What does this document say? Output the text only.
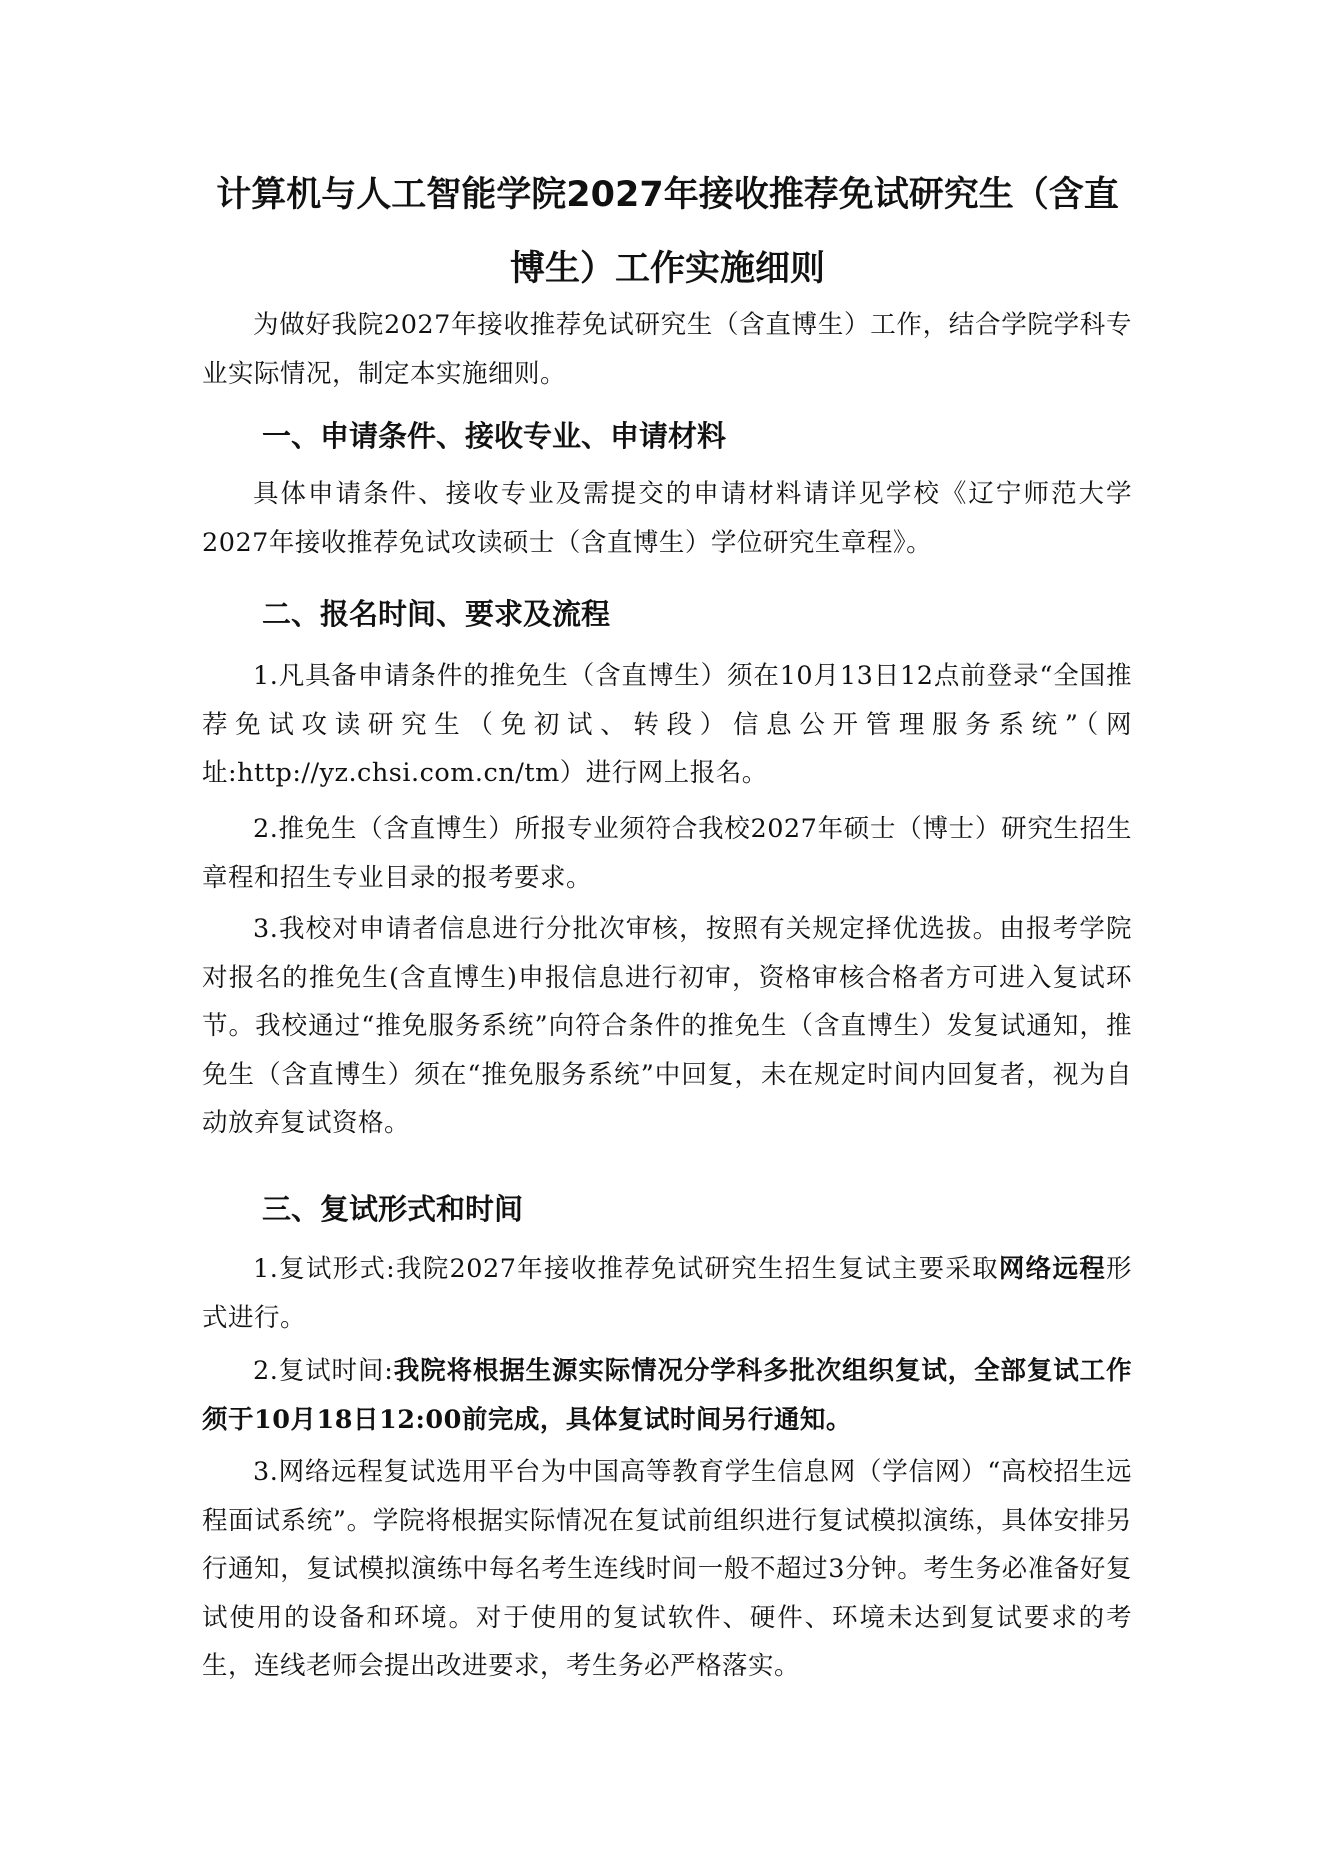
计算机与人工智能学院2027年接收推荐免试研究生（含直博生）工作实施细则

为做好我院2027年接收推荐免试研究生（含直博生）工作，结合学院学科专业实际情况，制定本实施细则。

一、申请条件、接收专业、申请材料

具体申请条件、接收专业及需提交的申请材料请详见学校《辽宁师范大学2027年接收推荐免试攻读硕士（含直博生）学位研究生章程》。

二、报名时间、要求及流程

1.凡具备申请条件的推免生（含直博生）须在10月13日12点前登录“全国推荐免试攻读研究生（免初试、转段）信息公开管理服务系统”（网址:http://yz.chsi.com.cn/tm）进行网上报名。

2.推免生（含直博生）所报专业须符合我校2027年硕士（博士）研究生招生章程和招生专业目录的报考要求。

3.我校对申请者信息进行分批次审核，按照有关规定择优选拔。由报考学院对报名的推免生(含直博生)申报信息进行初审，资格审核合格者方可进入复试环节。我校通过“推免服务系统”向符合条件的推免生（含直博生）发复试通知，推免生（含直博生）须在“推免服务系统”中回复，未在规定时间内回复者，视为自动放弃复试资格。

三、复试形式和时间

1.复试形式:我院2027年接收推荐免试研究生招生复试主要采取网络远程形式进行。

2.复试时间:我院将根据生源实际情况分学科多批次组织复试，全部复试工作须于10月18日12:00前完成，具体复试时间另行通知。

3.网络远程复试选用平台为中国高等教育学生信息网（学信网）“高校招生远程面试系统”。学院将根据实际情况在复试前组织进行复试模拟演练，具体安排另行通知，复试模拟演练中每名考生连线时间一般不超过3分钟。考生务必准备好复试使用的设备和环境。对于使用的复试软件、硬件、环境未达到复试要求的考生，连线老师会提出改进要求，考生务必严格落实。
